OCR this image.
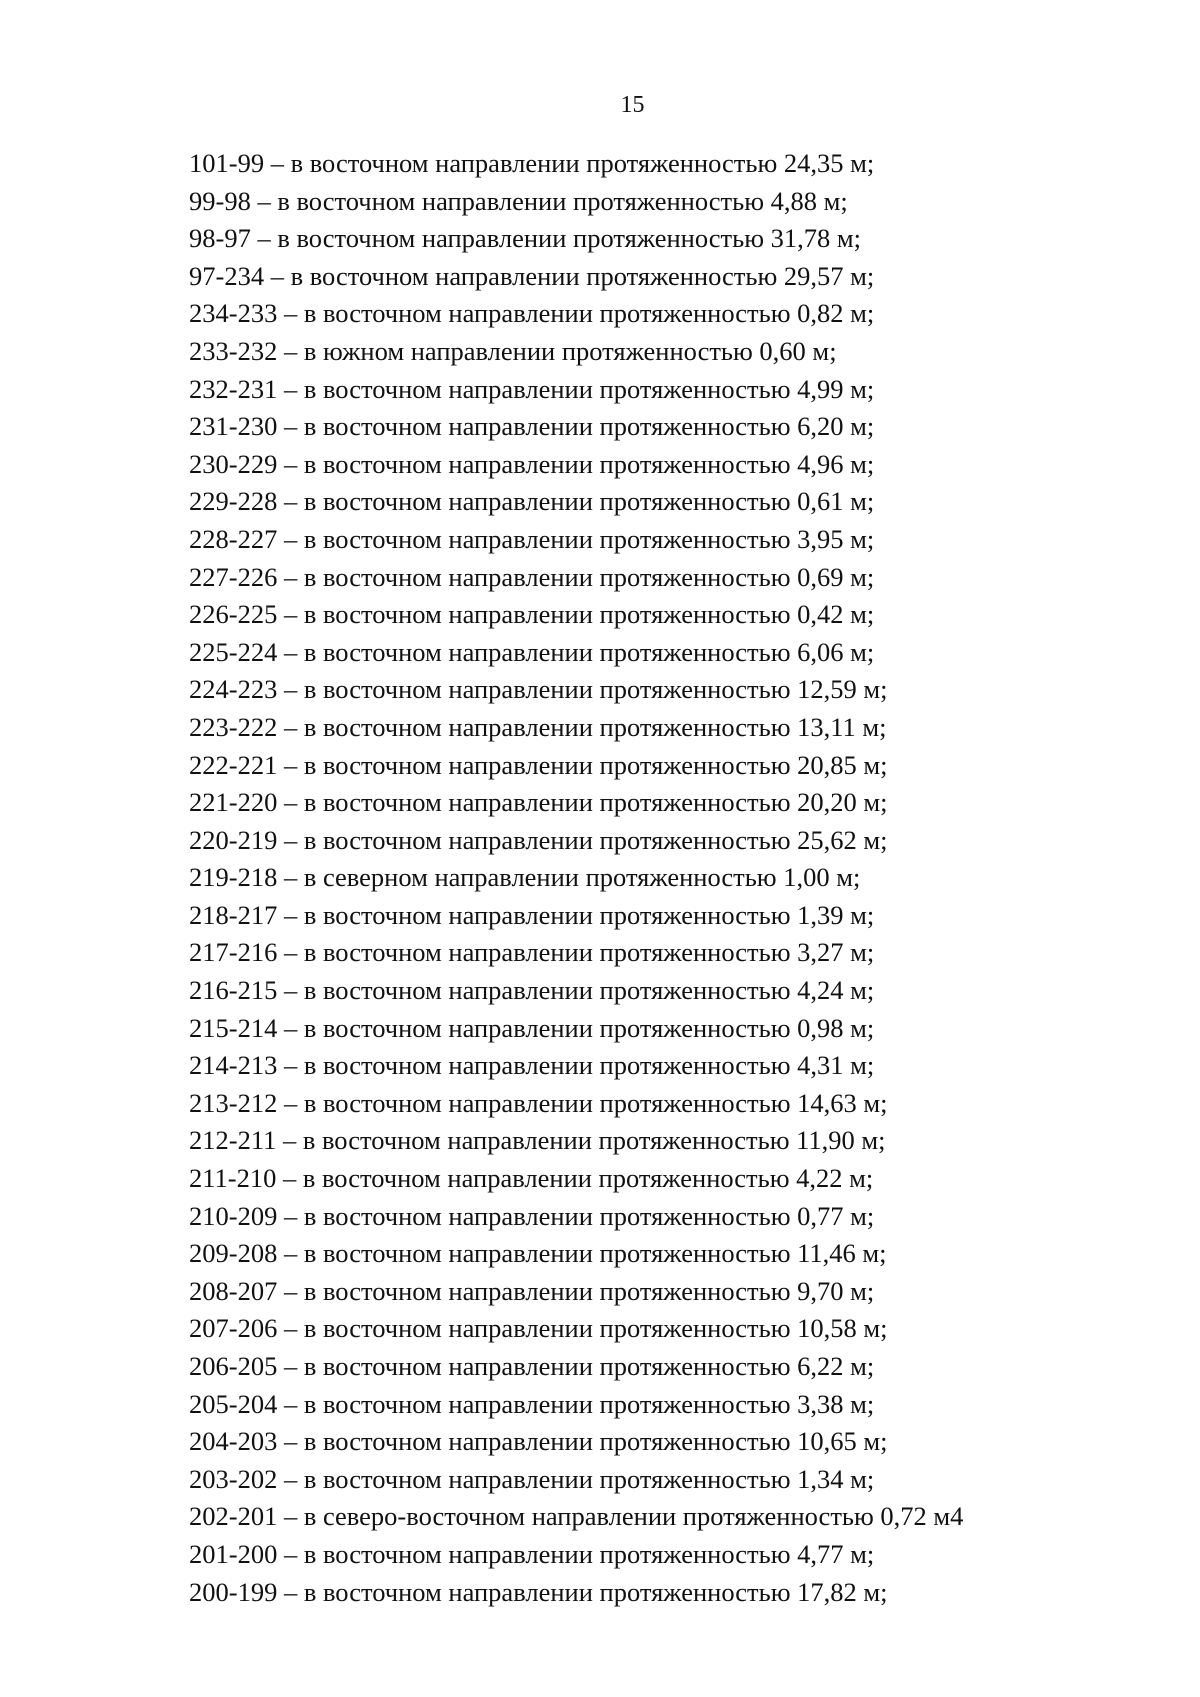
15
101-99 – в восточном направлении протяженностью 24,35 м;
99-98 – в восточном направлении протяженностью 4,88 м;
98-97 – в восточном направлении протяженностью 31,78 м;
97-234 – в восточном направлении протяженностью 29,57 м;
234-233 – в восточном направлении протяженностью 0,82 м;
233-232 – в южном направлении протяженностью 0,60 м;
232-231 – в восточном направлении протяженностью 4,99 м;
231-230 – в восточном направлении протяженностью 6,20 м;
230-229 – в восточном направлении протяженностью 4,96 м;
229-228 – в восточном направлении протяженностью 0,61 м;
228-227 – в восточном направлении протяженностью 3,95 м;
227-226 – в восточном направлении протяженностью 0,69 м;
226-225 – в восточном направлении протяженностью 0,42 м;
225-224 – в восточном направлении протяженностью 6,06 м;
224-223 – в восточном направлении протяженностью 12,59 м;
223-222 – в восточном направлении протяженностью 13,11 м;
222-221 – в восточном направлении протяженностью 20,85 м;
221-220 – в восточном направлении протяженностью 20,20 м;
220-219 – в восточном направлении протяженностью 25,62 м;
219-218 – в северном направлении протяженностью 1,00 м;
218-217 – в восточном направлении протяженностью 1,39 м;
217-216 – в восточном направлении протяженностью 3,27 м;
216-215 – в восточном направлении протяженностью 4,24 м;
215-214 – в восточном направлении протяженностью 0,98 м;
214-213 – в восточном направлении протяженностью 4,31 м;
213-212 – в восточном направлении протяженностью 14,63 м;
212-211 – в восточном направлении протяженностью 11,90 м;
211-210 – в восточном направлении протяженностью 4,22 м;
210-209 – в восточном направлении протяженностью 0,77 м;
209-208 – в восточном направлении протяженностью 11,46 м;
208-207 – в восточном направлении протяженностью 9,70 м;
207-206 – в восточном направлении протяженностью 10,58 м;
206-205 – в восточном направлении протяженностью 6,22 м;
205-204 – в восточном направлении протяженностью 3,38 м;
204-203 – в восточном направлении протяженностью 10,65 м;
203-202 – в восточном направлении протяженностью 1,34 м;
202-201 – в северо-восточном направлении протяженностью 0,72 м4
201-200 – в восточном направлении протяженностью 4,77 м;
200-199 – в восточном направлении протяженностью 17,82 м;
